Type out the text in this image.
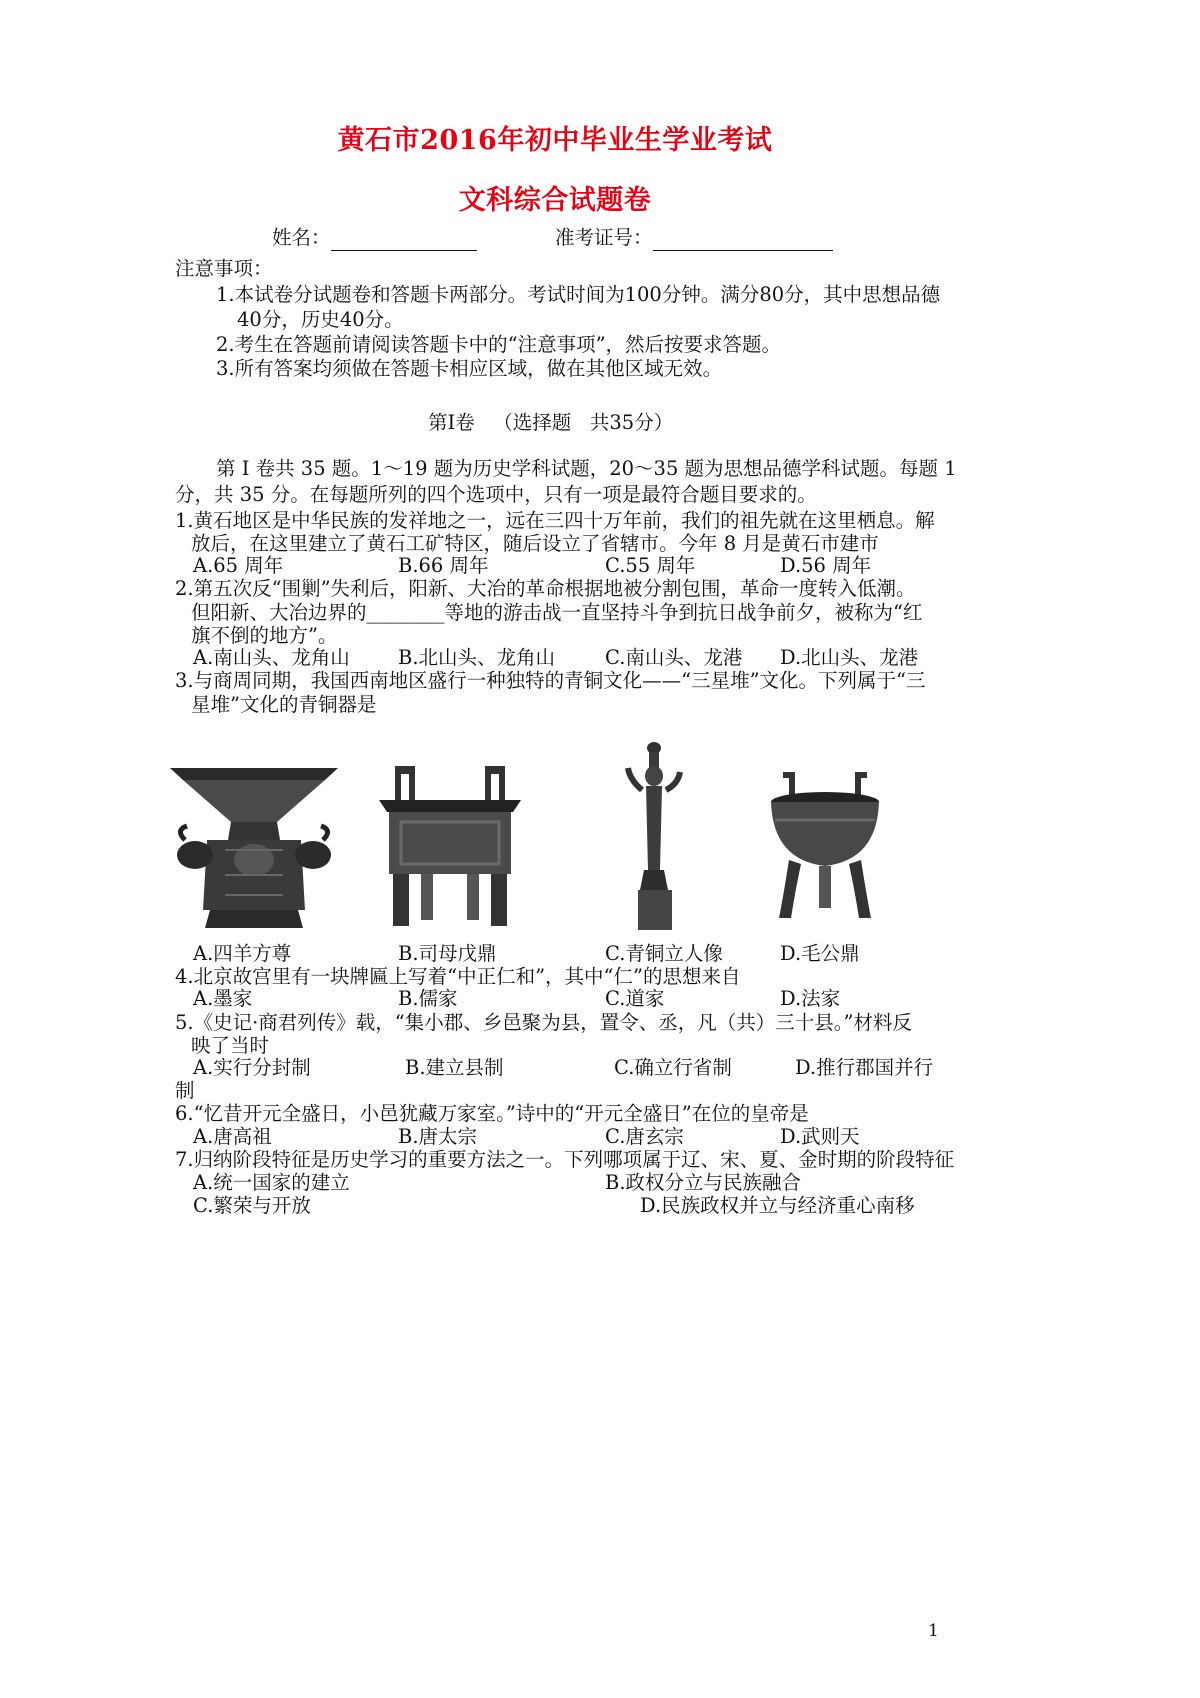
黄石市2016年初中毕业生学业考试
文科综合试题卷
姓名：	准考证号：
注意事项：
1.本试卷分试题卷和答题卡两部分。考试时间为100分钟。满分80分，其中思想品德
40分，历史40分。
2.考生在答题前请阅读答题卡中的“注意事项”，然后按要求答题。
3.所有答案均须做在答题卡相应区域，做在其他区域无效。
第Ⅰ卷   （选择题   共35分）
第 Ⅰ 卷共 35 题。1～19 题为历史学科试题，20～35 题为思想品德学科试题。每题 1
分，共 35 分。在每题所列的四个选项中，只有一项是最符合题目要求的。
1.黄石地区是中华民族的发祥地之一，远在三四十万年前，我们的祖先就在这里栖息。解
放后，在这里建立了黄石工矿特区，随后设立了省辖市。今年 8 月是黄石市建市
A.65 周年	B.66 周年	C.55 周年	D.56 周年
2.第五次反“围剿”失利后，阳新、大冶的革命根据地被分割包围，革命一度转入低潮。
但阳新、大冶边界的________等地的游击战一直坚持斗争到抗日战争前夕，被称为“红
旗不倒的地方”。
A.南山头、龙角山 B.北山头、龙角山	C.南山头、龙港 D.北山头、龙港
3.与商周同期，我国西南地区盛行一种独特的青铜文化——“三星堆”文化。下列属于“三
星堆”文化的青铜器是
A.四羊方尊	B.司母戊鼎	C.青铜立人像	D.毛公鼎
4.北京故宫里有一块牌匾上写着“中正仁和”，其中“仁”的思想来自
A.墨家	B.儒家	C.道家	D.法家
5.《史记·商君列传》载，“集小郡、乡邑聚为县，置令、丞，凡（共）三十县。”材料反
映了当时
A.实行分封制	B.建立县制	C.确立行省制	D.推行郡国并行
制
6.“忆昔开元全盛日，小邑犹藏万家室。”诗中的“开元全盛日”在位的皇帝是
A.唐高祖	B.唐太宗	C.唐玄宗	D.武则天
7.归纳阶段特征是历史学习的重要方法之一。下列哪项属于辽、宋、夏、金时期的阶段特征
A.统一国家的建立	B.政权分立与民族融合
C.繁荣与开放	D.民族政权并立与经济重心南移
1
